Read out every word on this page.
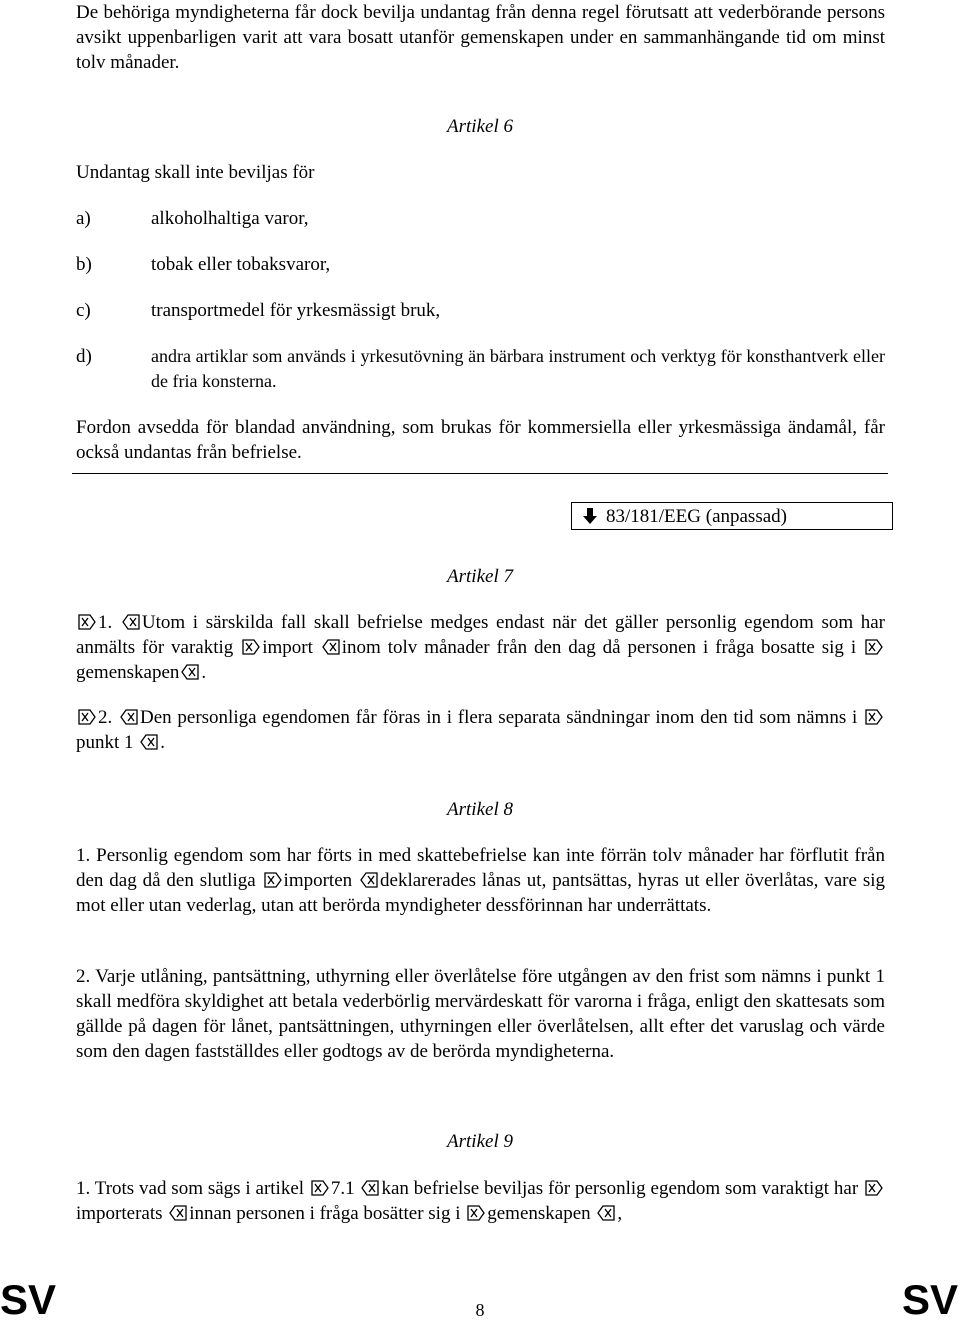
De behöriga myndigheterna får dock bevilja undantag från denna regel förutsatt att vederbörande persons avsikt uppenbarligen varit att vara bosatt utanför gemenskapen under en sammanhängande tid om minst tolv månader.

Artikel 6

Undantag skall inte beviljas för

a)	alkoholhaltiga varor,
b)	tobak eller tobaksvaror,
c)	transportmedel för yrkesmässigt bruk,
d)	andra artiklar som används i yrkesutövning än bärbara instrument och verktyg för konsthantverk eller de fria konsterna.

Fordon avsedda för blandad användning, som brukas för kommersiella eller yrkesmässiga ändamål, får också undantas från befrielse.

83/181/EEG (anpassad)

Artikel 7

1. Utom i särskilda fall skall befrielse medges endast när det gäller personlig egendom som har anmälts för varaktig import inom tolv månader från den dag då personen i fråga bosatte sig i gemenskapen .

2. Den personliga egendomen får föras in i flera separata sändningar inom den tid som nämns i punkt 1 .

Artikel 8

1. Personlig egendom som har förts in med skattebefrielse kan inte förrän tolv månader har förflutit från den dag då den slutliga importen deklarerades lånas ut, pantsättas, hyras ut eller överlåtas, vare sig mot eller utan vederlag, utan att berörda myndigheter dessförinnan har underrättats.

2. Varje utlåning, pantsättning, uthyrning eller överlåtelse före utgången av den frist som nämns i punkt 1 skall medföra skyldighet att betala vederbörlig mervärdeskatt för varorna i fråga, enligt den skattesats som gällde på dagen för lånet, pantsättningen, uthyrningen eller överlåtelsen, allt efter det varuslag och värde som den dagen fastställdes eller godtogs av de berörda myndigheterna.

Artikel 9

1. Trots vad som sägs i artikel 7.1 kan befrielse beviljas för personlig egendom som varaktigt har importerats innan personen i fråga bosätter sig i gemenskapen ,

SV	8	SV
